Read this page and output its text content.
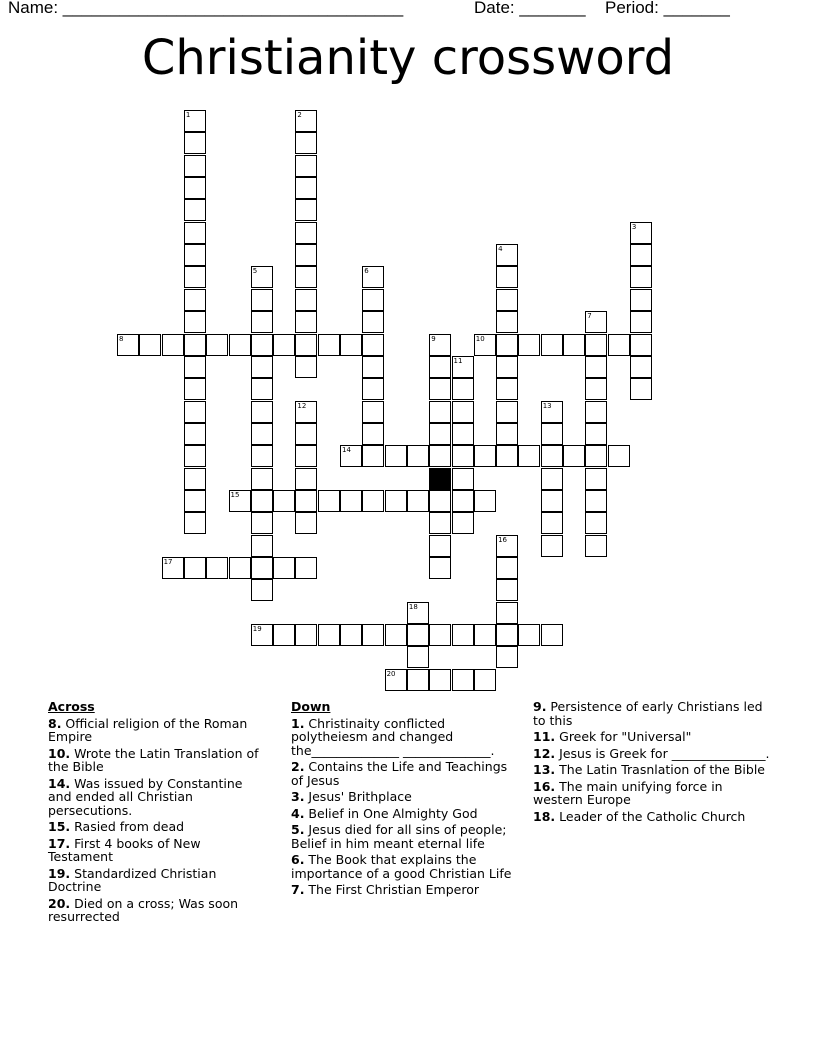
Name: ____________________________________	Date: _______ Period: _______
Christianity crossword
1	2
3
4
5	6
7
8	9	10
11
12	13
14
15
16
17
18
19
20
Across
8. Official religion of the Roman Empire
10. Wrote the Latin Translation of the Bible
14. Was issued by Constantine and ended all Christian persecutions.
15. Rasied from dead
17. First 4 books of New Testament
19. Standardized Christian Doctrine
20. Died on a cross; Was soon resurrected
Down
1. Christinaity conflicted polytheiesm and changed the______________ ______________.
2. Contains the Life and Teachings of Jesus
3. Jesus' Brithplace
4. Belief in One Almighty God
5. Jesus died for all sins of people; Belief in him meant eternal life
6. The Book that explains the importance of a good Christian Life
7. The First Christian Emperor
9. Persistence of early Christians led to this
11. Greek for "Universal"
12. Jesus is Greek for _______________.
13. The Latin Trasnlation of the Bible
16. The main unifying force in western Europe
18. Leader of the Catholic Church
